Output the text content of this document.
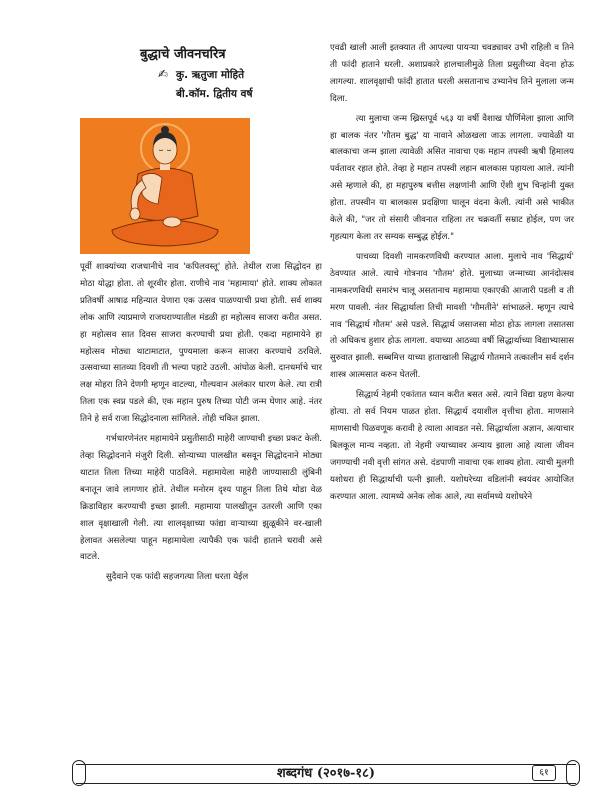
बुद्धाचे जीवनचरित्र
✍ कु. ऋतुजा मोहिते
बी.कॉम. द्वितीय वर्ष

पूर्वी शाक्यांच्या राजधानीचे नाव 'कपिलवस्तू' होते. तेथील राजा सिद्धोदन हा मोठा योद्धा होता. तो शूरवीर होता. राणीचे नाव 'महामाया' होते. शाक्य लोकात प्रतिवर्षी आषाढ महिन्यात येणारा एक उत्सव पाळण्याची प्रथा होती. सर्व शाक्य लोक आणि त्याप्रमाणे राजघराण्यातील मंडळी हा महोत्सव साजरा करीत असत. हा महोत्सव सात दिवस साजरा करण्याची प्रथा होती. एकदा महामायेने हा महोत्सव मोठ्या थाटामाटात, पुण्यमाला करून साजरा करण्याचे ठरविले. उत्सवाच्या सातव्या दिवशी ती भल्या पहाटे उठली. आंघोळ केली. दानधर्माचे चार लक्ष मोहरा तिने देणगी म्हणून वाटल्या, गौल्यवान अलंकार धारण केले. त्या रात्री तिला एक स्वप्न पडले की, एक महान पुरुष तिच्या पोटी जन्म घेणार आहे. नंतर तिने हे सर्व राजा सिद्धोदनाला सांगितले. तोही चकित झाला.

गर्भधारणेनंतर महामायेने प्रसुतीसाठी माहेरी जाण्याची इच्छा प्रकट केली. तेव्हा सिद्धोदनाने मंजुरी दिली. सोन्याच्या पालखीत बसवून सिद्धोदनाने मोठ्या थाटात तिला तिच्या माहेरी पाठविले. महामायेला माहेरी जाण्यासाठी लुंबिनी बनातून जावे लागणार होते. तेथील मनोरम दृश्य पाहून तिला तिथे थोडा वेळ क्रिडाविहार करण्याची इच्छा झाली. महामाया पालखीतून उतरली आणि एका शाल वृक्षाखाली गेली. त्या शालवृक्षाच्या फांद्या वाऱ्याच्या झुळूकीने वर-खाली हेलावत असलेल्या पाहून महामायेला त्यापैकी एक फांदी हाताने धरावी असे वाटले.

सुदैवाने एक फांदी सहजगत्या तिला धरता येईल

एवढी खाली आली इतक्यात ती आपल्या पायऱ्या चवड्यावर उभी राहिली व तिने ती फांदी हाताने धरली. अशाप्रकारे हालचालीमुळे तिला प्रसुतीच्या वेदना होऊ लागल्या. शालवृक्षाची फांदी हातात धरली असतानाच उभ्यानेच तिने मुलाला जन्म दिला.

त्या मुलाचा जन्म ख्रिस्तपूर्व ५६३ या वर्षी वैशाख पौर्णिमेला झाला आणि हा बालक नंतर 'गौतम बुद्ध' या नावाने ओळखला जाऊ लागला. ज्यावेळी या बालकाचा जन्म झाला त्यावेळी असित नावाचा एक महान तपस्वी ऋषी हिमालय पर्वतावर रहात होते. तेव्हा हे महान तपस्वी लहान बालकास पहायला आले. त्यांनी असे म्हणाले की, हा महापुरुष बत्तीस लक्षणांनी आणि ऐंशी शुभ चिन्हांनी युक्त होता. तपस्वीन या बालकास प्रदक्षिणा घालून वंदना केली. त्यांनी असे भाकीत केले की, "जर तो संसारी जीवनात राहिला तर चक्रवर्ती सम्राट होईल, पण जर गृहत्याग केला तर सम्यक सम्बुद्ध होईल."

पाचव्या दिवशी नामकरणविधी करण्यात आला. मुलाचे नाव 'सिद्धार्थ' ठेवण्यात आले. त्याचे गोत्रनाव 'गौतम' होते. मुलाच्या जन्माच्या आनंदोत्सव नामकरणविधी समारंभ चालू असतानाच महामाया एकाएकी आजारी पडली व ती मरण पावली. नंतर सिद्धार्थाला तिची मावशी 'गौमतीने' सांभाळले. म्हणून त्याचे नाव 'सिद्धार्थ गौतम' असे पडले. सिद्धार्थ जसाजसा मोठा होऊ लागला तसातसा तो अधिकच हुशार होऊ लागला. वयाच्या आठव्या वर्षी सिद्धार्थाच्या विद्याभ्यासास सुरुवात झाली. सब्बमित्त याच्या हाताखाली सिद्धार्थ गौतमाने तत्कालीन सर्व दर्शन शास्त्र आत्मसात करुन घेतली.

सिद्धार्थ नेहमी एकांतात ध्यान करीत बसत असे. त्याने विद्या ग्रहण केल्या होत्या. तो सर्व नियम पाळत होता. सिद्धार्थ दयाशील वृत्तीचा होता. माणसाने माणसाची पिळवणूक करावी हे त्याला आवडत नसे. सिद्धार्थाला अज्ञान, अत्याचार बिलकूल मान्य नव्हता. तो नेहमी ज्याच्यावर अन्याय झाला आहे त्याला जीवन जगण्याची नवी वृत्ती सांगत असे. दंडपाणी नावाचा एक शाक्य होता. त्याची मुलगी यशोधरा ही सिद्धार्थाची पत्नी झाली. यशोधरेच्या वडिलांनी स्वयंवर आयोजित करण्यात आला. त्यामध्ये अनेक लोक आले, त्या सर्वामध्ये यशोधरेने

शब्दगंध (२०१७-१८)	६१
